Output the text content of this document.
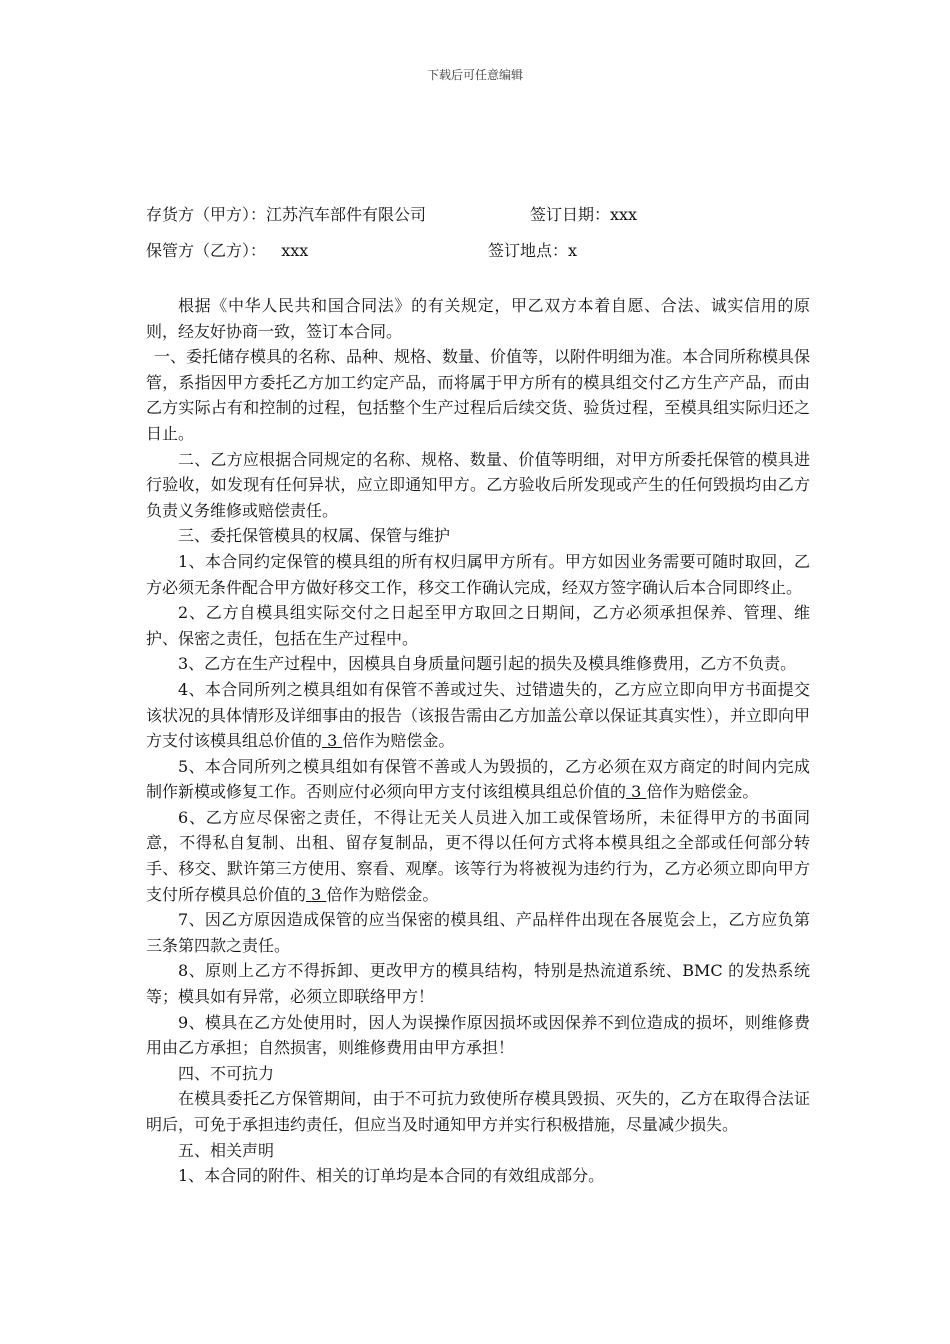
下载后可任意编辑
存货方（甲方）：江苏汽车部件有限公司	签订日期：xxx
保管方（乙方）：   xxx	签订地点：x

根据《中华人民共和国合同法》的有关规定，甲乙双方本着自愿、合法、诚实信用的原则，经友好协商一致，签订本合同。

一、委托储存模具的名称、品种、规格、数量、价值等，以附件明细为准。本合同所称模具保管，系指因甲方委托乙方加工约定产品，而将属于甲方所有的模具组交付乙方生产产品，而由乙方实际占有和控制的过程，包括整个生产过程后后续交货、验货过程，至模具组实际归还之日止。

二、乙方应根据合同规定的名称、规格、数量、价值等明细，对甲方所委托保管的模具进行验收，如发现有任何异状，应立即通知甲方。乙方验收后所发现或产生的任何毁损均由乙方负责义务维修或赔偿责任。

三、委托保管模具的权属、保管与维护

1、本合同约定保管的模具组的所有权归属甲方所有。甲方如因业务需要可随时取回，乙方必须无条件配合甲方做好移交工作，移交工作确认完成，经双方签字确认后本合同即终止。

2、乙方自模具组实际交付之日起至甲方取回之日期间，乙方必须承担保养、管理、维护、保密之责任，包括在生产过程中。

3、乙方在生产过程中，因模具自身质量问题引起的损失及模具维修费用，乙方不负责。

4、本合同所列之模具组如有保管不善或过失、过错遗失的，乙方应立即向甲方书面提交该状况的具体情形及详细事由的报告（该报告需由乙方加盖公章以保证其真实性），并立即向甲方支付该模具组总价值的 3 倍作为赔偿金。

5、本合同所列之模具组如有保管不善或人为毁损的，乙方必须在双方商定的时间内完成制作新模或修复工作。否则应付必须向甲方支付该组模具组总价值的 3 倍作为赔偿金。

6、乙方应尽保密之责任，不得让无关人员进入加工或保管场所，未征得甲方的书面同意，不得私自复制、出租、留存复制品，更不得以任何方式将本模具组之全部或任何部分转手、移交、默许第三方使用、察看、观摩。该等行为将被视为违约行为，乙方必须立即向甲方支付所存模具总价值的 3 倍作为赔偿金。

7、因乙方原因造成保管的应当保密的模具组、产品样件出现在各展览会上，乙方应负第三条第四款之责任。

8、原则上乙方不得拆卸、更改甲方的模具结构，特别是热流道系统、BMC 的发热系统等；模具如有异常，必须立即联络甲方！

9、模具在乙方处使用时，因人为误操作原因损坏或因保养不到位造成的损坏，则维修费用由乙方承担；自然损害，则维修费用由甲方承担！

四、不可抗力

在模具委托乙方保管期间，由于不可抗力致使所存模具毁损、灭失的，乙方在取得合法证明后，可免于承担违约责任，但应当及时通知甲方并实行积极措施，尽量减少损失。

五、相关声明

1、本合同的附件、相关的订单均是本合同的有效组成部分。
